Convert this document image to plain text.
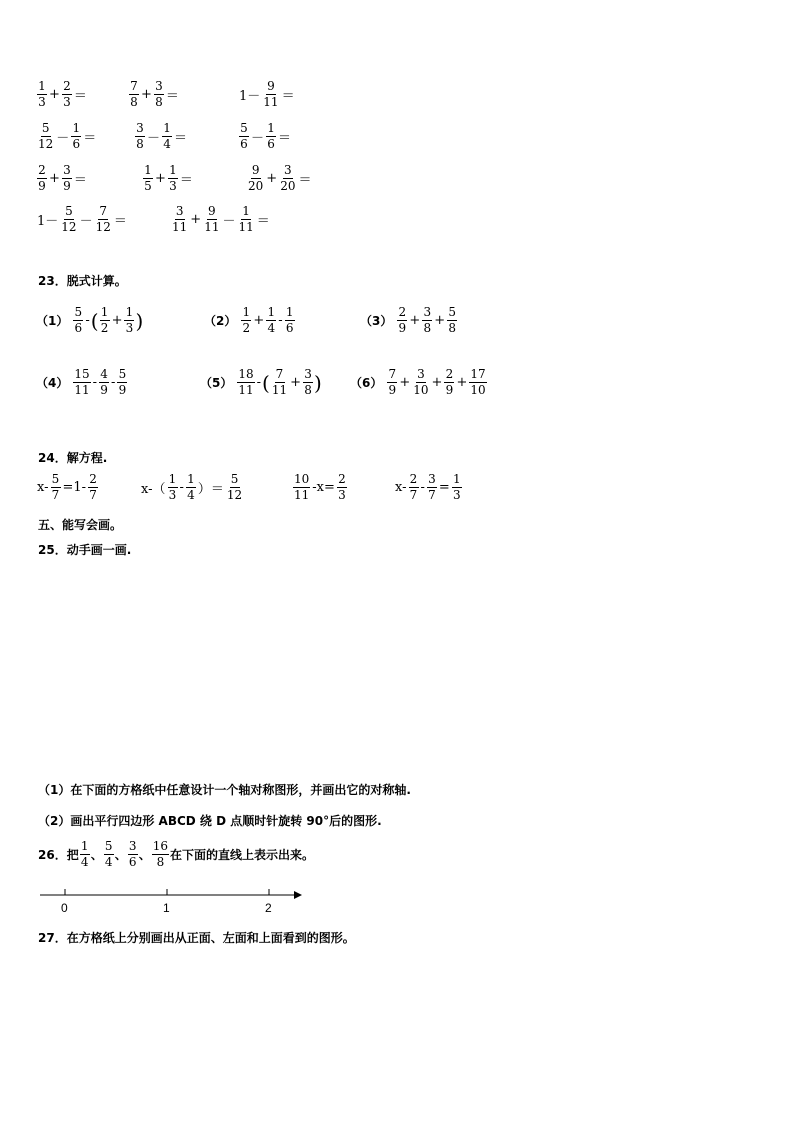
$\frac{1}{3} + \frac{2}{3}$ ＝	$\frac{7}{8} + \frac{3}{8}$ ＝	$1- \frac{9}{11}$ ＝
$\frac{5}{12} - \frac{1}{6}$ ＝	$\frac{3}{8} - \frac{1}{4}$ ＝	$\frac{5}{6} - \frac{1}{6}$ ＝
$\frac{2}{9} + \frac{3}{9}$ ＝	$\frac{1}{5} + \frac{1}{3}$ ＝	$\frac{9}{20} + \frac{3}{20}$ ＝
$1- \frac{5}{12} - \frac{7}{12}$ ＝	$\frac{3}{11} + \frac{9}{11} - \frac{1}{11}$ ＝
23．脱式计算。
$(1) \frac{5}{6}$ - ( $\frac{1}{2} + \frac{1}{3}$ )	$(2) \frac{1}{2} + \frac{1}{4} - \frac{1}{6}$	$(3) \frac{2}{9} + \frac{3}{8} + \frac{5}{8}$
$(4) \frac{15}{11} - \frac{4}{9} - \frac{5}{9}$	$(5) \frac{18}{11}$ - ( $\frac{7}{11} + \frac{3}{8}$ ) $(6) \frac{7}{9} + \frac{3}{10} + \frac{2}{9} + \frac{17}{10}$
24．解方程.
$x- \frac{5}{7} =1- \frac{2}{7}$	$x-( \frac{1}{3} - \frac{1}{4}$ ）＝ $\frac{5}{12}$	$\frac{10}{11} -x= \frac{2}{3}$	$x- \frac{2}{7} - \frac{3}{7} = \frac{1}{3}$
五、能写会画。
25．动手画一画.
（1）在下面的方格纸中任意设计一个轴对称图形，并画出它的对称轴.
（2）画出平行四边形 ABCD 绕 D 点顺时针旋转 90°后的图形.
26．把 $\frac{1}{4}$ 、 $\frac{5}{4}$ 、 $\frac{3}{6}$ 、 $\frac{16}{8}$ 在下面的直线上表示出来。
0	1	2
27．在方格纸上分别画出从正面、左面和上面看到的图形。
